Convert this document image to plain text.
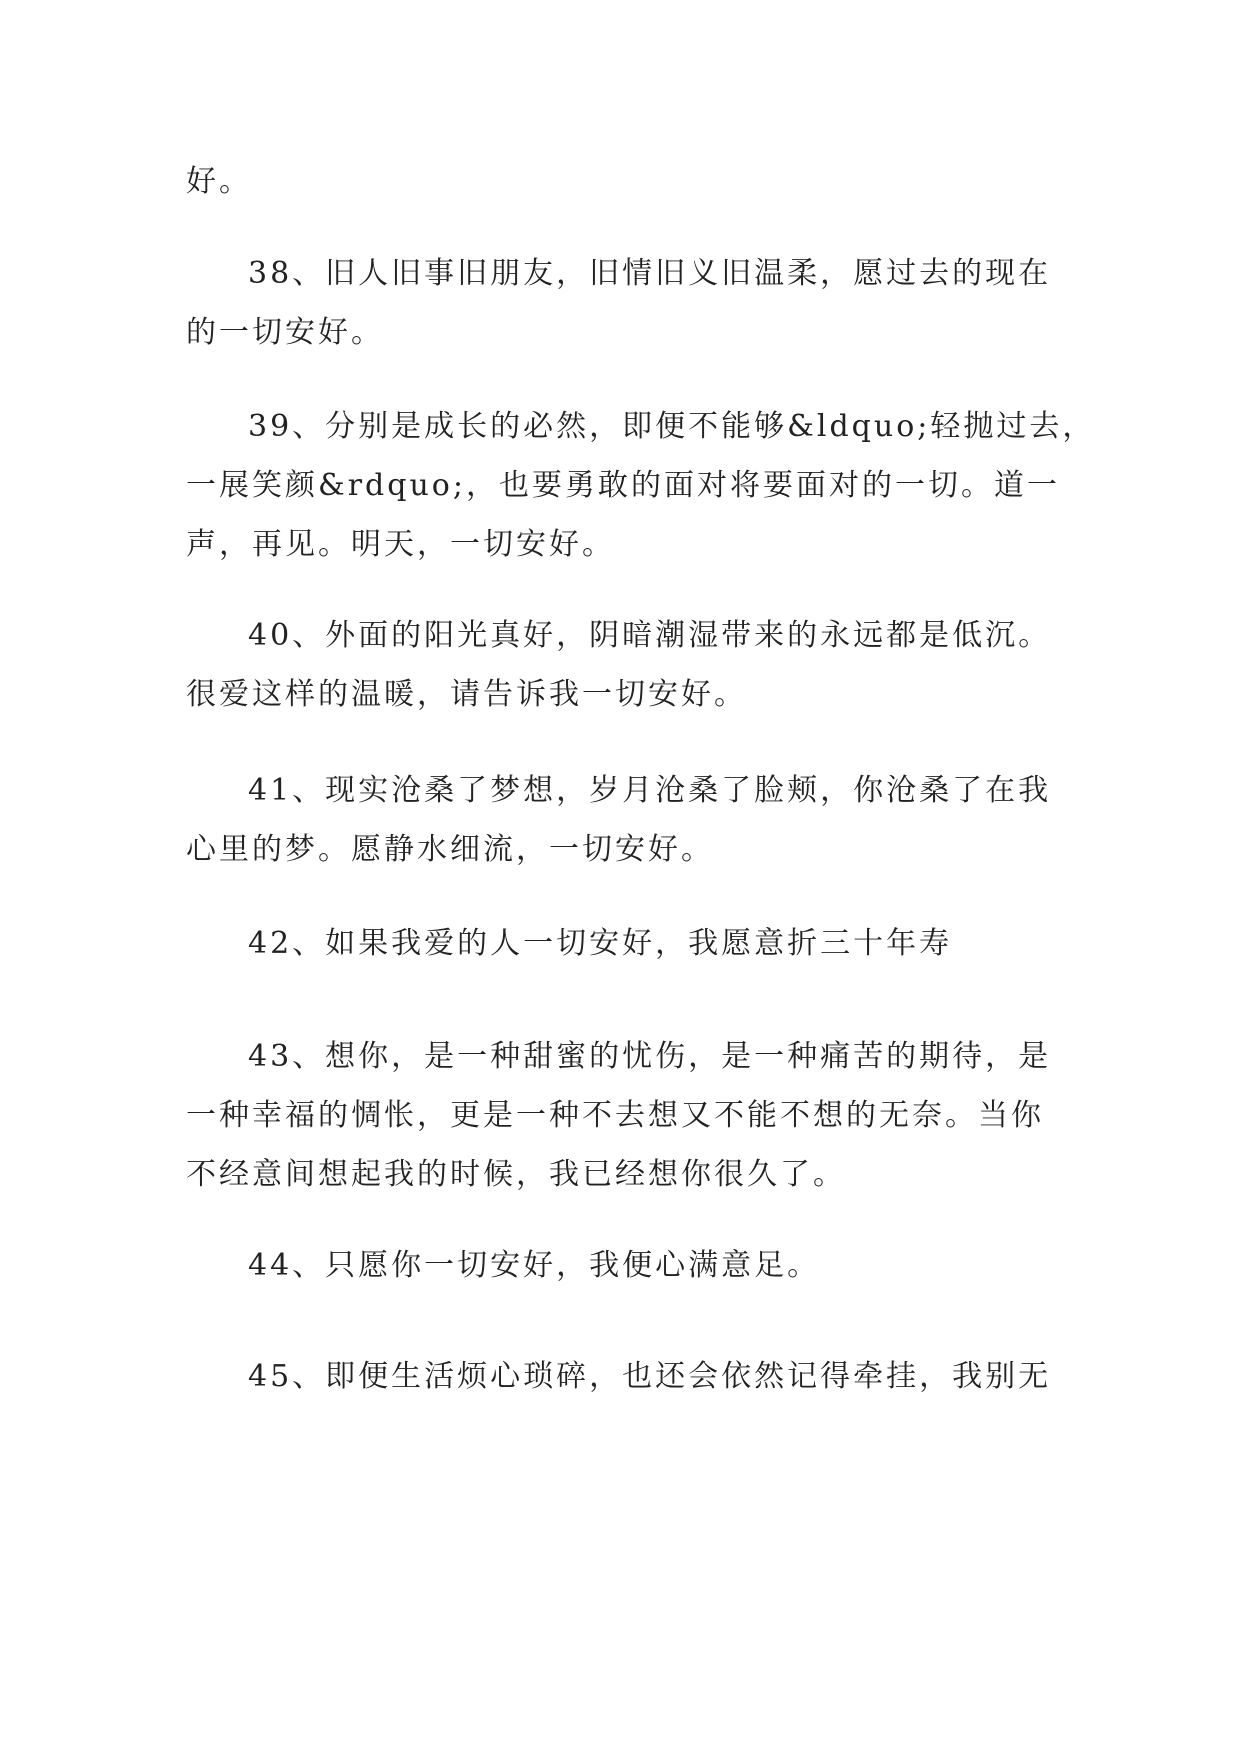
好。

38、旧人旧事旧朋友，旧情旧义旧温柔，愿过去的现在
的一切安好。

39、分别是成长的必然，即便不能够&ldquo;轻抛过去，
一展笑颜&rdquo;，也要勇敢的面对将要面对的一切。道一
声，再见。明天，一切安好。

40、外面的阳光真好，阴暗潮湿带来的永远都是低沉。
很爱这样的温暖，请告诉我一切安好。

41、现实沧桑了梦想，岁月沧桑了脸颊，你沧桑了在我
心里的梦。愿静水细流，一切安好。

42、如果我爱的人一切安好，我愿意折三十年寿

43、想你，是一种甜蜜的忧伤，是一种痛苦的期待，是
一种幸福的惆怅，更是一种不去想又不能不想的无奈。当你
不经意间想起我的时候，我已经想你很久了。

44、只愿你一切安好，我便心满意足。

45、即便生活烦心琐碎，也还会依然记得牵挂，我别无
